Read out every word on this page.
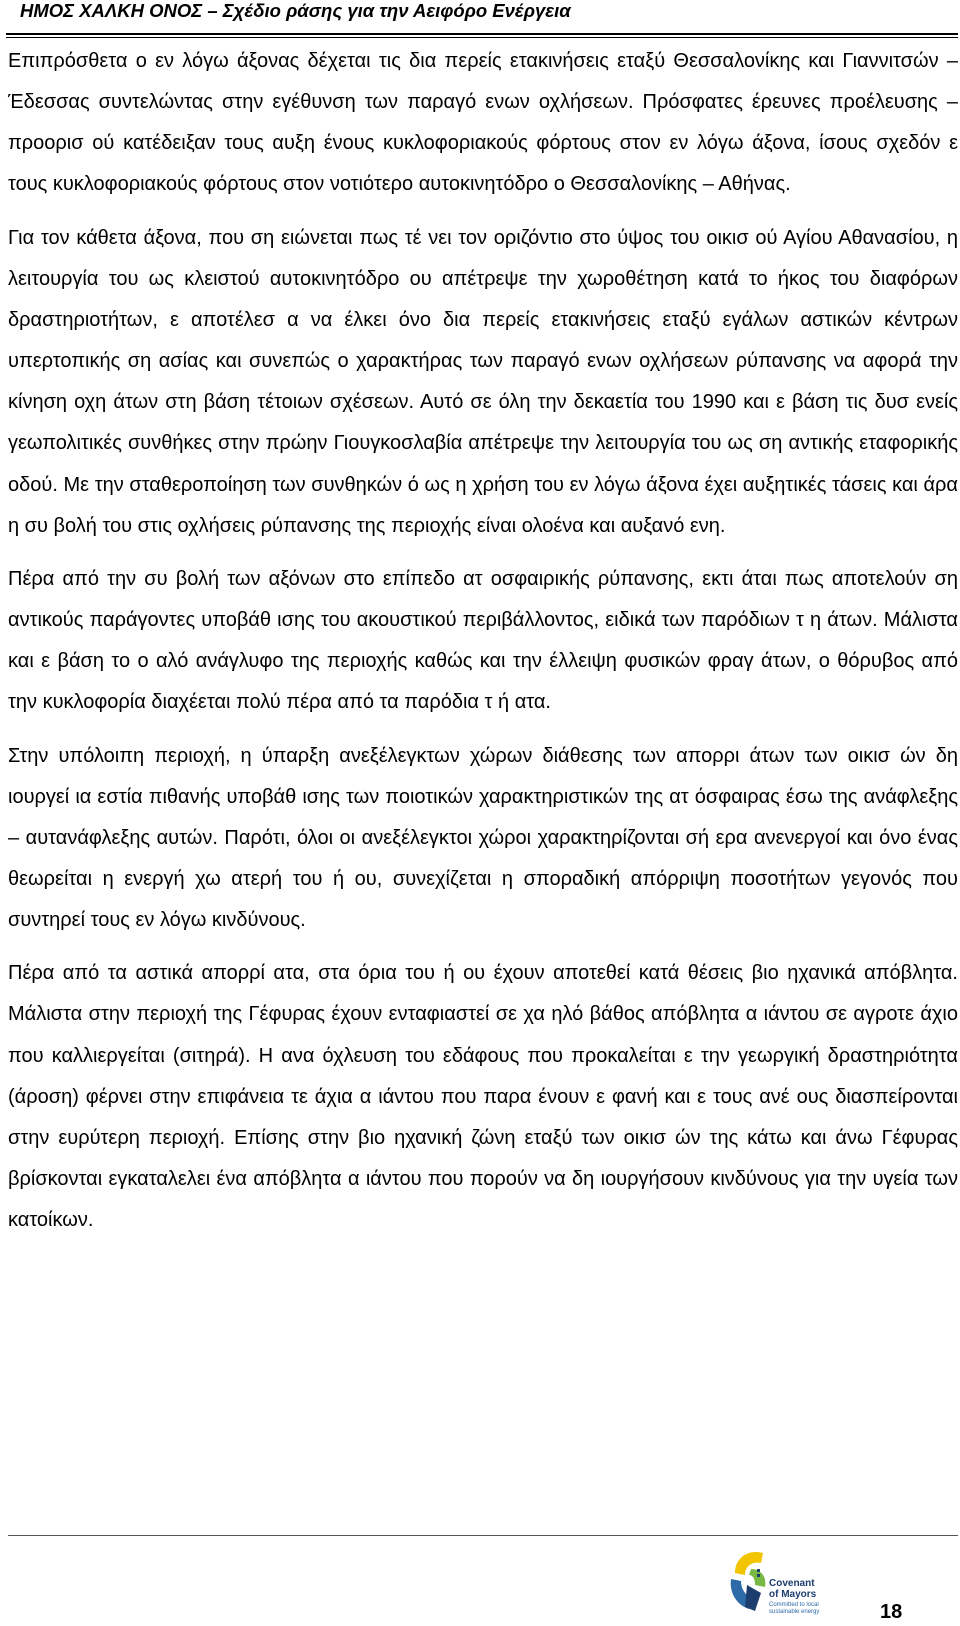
ΗΜΟΣ ΧΑΛΚΗ ΟΝΟΣ – Σχέδιο ράσης για την Αειφόρο Ενέργεια

Επιπρόσθετα ο εν λόγω άξονας δέχεται τις δια περείς ετακινήσεις εταξύ Θεσσαλονίκης και Γιαννιτσών – Έδεσσας συντελώντας στην εγέθυνση των παραγό ενων οχλήσεων. Πρόσφατες έρευνες προέλευσης – προορισ ού κατέδειξαν τους αυξη ένους κυκλοφοριακούς φόρτους στον εν λόγω άξονα, ίσους σχεδόν ε τους κυκλοφοριακούς φόρτους στον νοτιότερο αυτοκινητόδρο ο Θεσσαλονίκης – Αθήνας.

Για τον κάθετα άξονα, που ση ειώνεται πως τέ νει τον οριζόντιο στο ύψος του οικισ ού Αγίου Αθανασίου, η λειτουργία του ως κλειστού αυτοκινητόδρο ου απέτρεψε την χωροθέτηση κατά το ήκος του διαφόρων δραστηριοτήτων, ε αποτέλεσ α να έλκει όνο δια περείς ετακινήσεις εταξύ εγάλων αστικών κέντρων υπερτοπικής ση ασίας και συνεπώς ο χαρακτήρας των παραγό ενων οχλήσεων ρύπανσης να αφορά την κίνηση οχη άτων στη βάση τέτοιων σχέσεων. Αυτό σε όλη την δεκαετία του 1990 και ε βάση τις δυσ ενείς γεωπολιτικές συνθήκες στην πρώην Γιουγκοσλαβία απέτρεψε την λειτουργία του ως ση αντικής εταφορικής οδού. Με την σταθεροποίηση των συνθηκών ό ως η χρήση του εν λόγω άξονα έχει αυξητικές τάσεις και άρα η συ βολή του στις οχλήσεις ρύπανσης της περιοχής είναι ολοένα και αυξανό ενη.

Πέρα από την συ βολή των αξόνων στο επίπεδο ατ οσφαιρικής ρύπανσης, εκτι άται πως αποτελούν ση αντικούς παράγοντες υποβάθ ισης του ακουστικού περιβάλλοντος, ειδικά των παρόδιων τ η άτων. Μάλιστα και ε βάση το ο αλό ανάγλυφο της περιοχής καθώς και την έλλειψη φυσικών φραγ άτων, ο θόρυβος από την κυκλοφορία διαχέεται πολύ πέρα από τα παρόδια τ ή ατα.

Στην υπόλοιπη περιοχή, η ύπαρξη ανεξέλεγκτων χώρων διάθεσης των απορρι άτων των οικισ ών δη ιουργεί ια εστία πιθανής υποβάθ ισης των ποιοτικών χαρακτηριστικών της ατ όσφαιρας έσω της ανάφλεξης – αυτανάφλεξης αυτών. Παρότι, όλοι οι ανεξέλεγκτοι χώροι χαρακτηρίζονται σή ερα ανενεργοί και όνο ένας θεωρείται η ενεργή χω ατερή του ή ου, συνεχίζεται η σποραδική απόρριψη ποσοτήτων γεγονός που συντηρεί τους εν λόγω κινδύνους.

Πέρα από τα αστικά απορρί ατα, στα όρια του ή ου έχουν αποτεθεί κατά θέσεις βιο ηχανικά απόβλητα. Μάλιστα στην περιοχή της Γέφυρας έχουν ενταφιαστεί σε χα ηλό βάθος απόβλητα α ιάντου σε αγροτε άχιο που καλλιεργείται (σιτηρά). Η ανα όχλευση του εδάφους που προκαλείται ε την γεωργική δραστηριότητα (άροση) φέρνει στην επιφάνεια τε άχια α ιάντου που παρα ένουν ε φανή και ε τους ανέ ους διασπείρονται στην ευρύτερη περιοχή. Επίσης στην βιο ηχανική ζώνη εταξύ των οικισ ών της κάτω και άνω Γέφυρας βρίσκονται εγκαταλελει ένα απόβλητα α ιάντου που πορούν να δη ιουργήσουν κινδύνους για την υγεία των κατοίκων.

Covenant
of Mayors
Committed to local
sustainable energy	18
